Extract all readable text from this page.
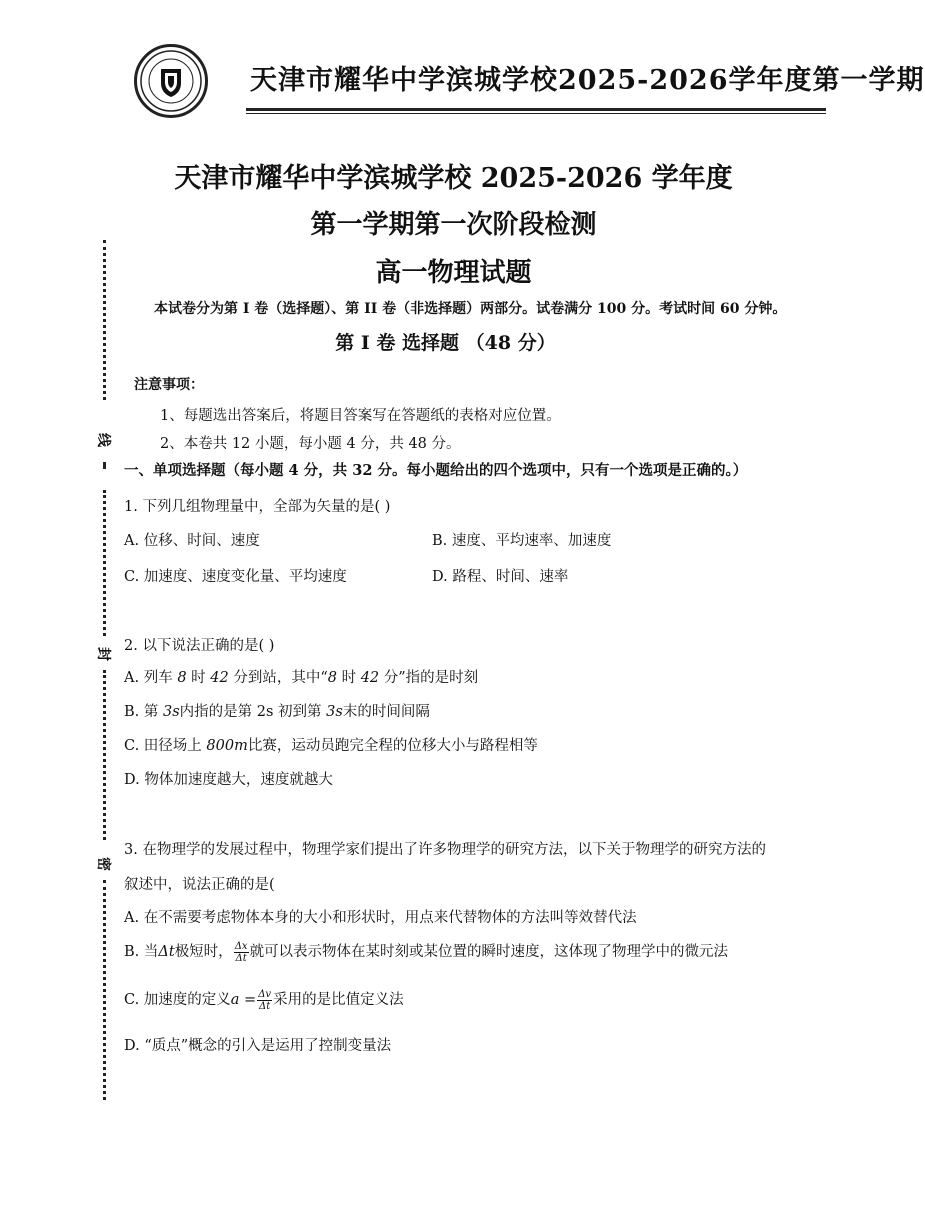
天津市耀华中学滨城学校2025-2026学年度第一学期
线
封
密
天津市耀华中学滨城学校 2025-2026 学年度
第一学期第一次阶段检测
高一物理试题
本试卷分为第 I 卷（选择题）、第 II 卷（非选择题）两部分。试卷满分 100 分。考试时间 60 分钟。
第 I 卷 选择题 （48 分）
注意事项：
1、每题选出答案后，将题目答案写在答题纸的表格对应位置。
2、本卷共 12 小题，每小题 4 分，共 48 分。
一、单项选择题（每小题 4 分，共 32 分。每小题给出的四个选项中，只有一个选项是正确的。）
1. 下列几组物理量中，全部为矢量的是( )
A. 位移、时间、速度	B. 速度、平均速率、加速度
C. 加速度、速度变化量、平均速度	D. 路程、时间、速率
2. 以下说法正确的是( )
A. 列车 8 时 42 分到站，其中“8 时 42 分”指的是时刻
B. 第 3s内指的是第 2s 初到第 3s末的时间间隔
C. 田径场上 800m比赛，运动员跑完全程的位移大小与路程相等
D. 物体加速度越大，速度就越大
3. 在物理学的发展过程中，物理学家们提出了许多物理学的研究方法，以下关于物理学的研究方法的
叙述中，说法正确的是(
A. 在不需要考虑物体本身的大小和形状时，用点来代替物体的方法叫等效替代法
B. 当Δt极短时， $\frac{\Delta x}{\Delta t}$ 就可以表示物体在某时刻或某位置的瞬时速度，这体现了物理学中的微元法
C. 加速度的定义$a = \frac{\Delta v}{\Delta t}$ 采用的是比值定义法
D. “质点”概念的引入是运用了控制变量法
